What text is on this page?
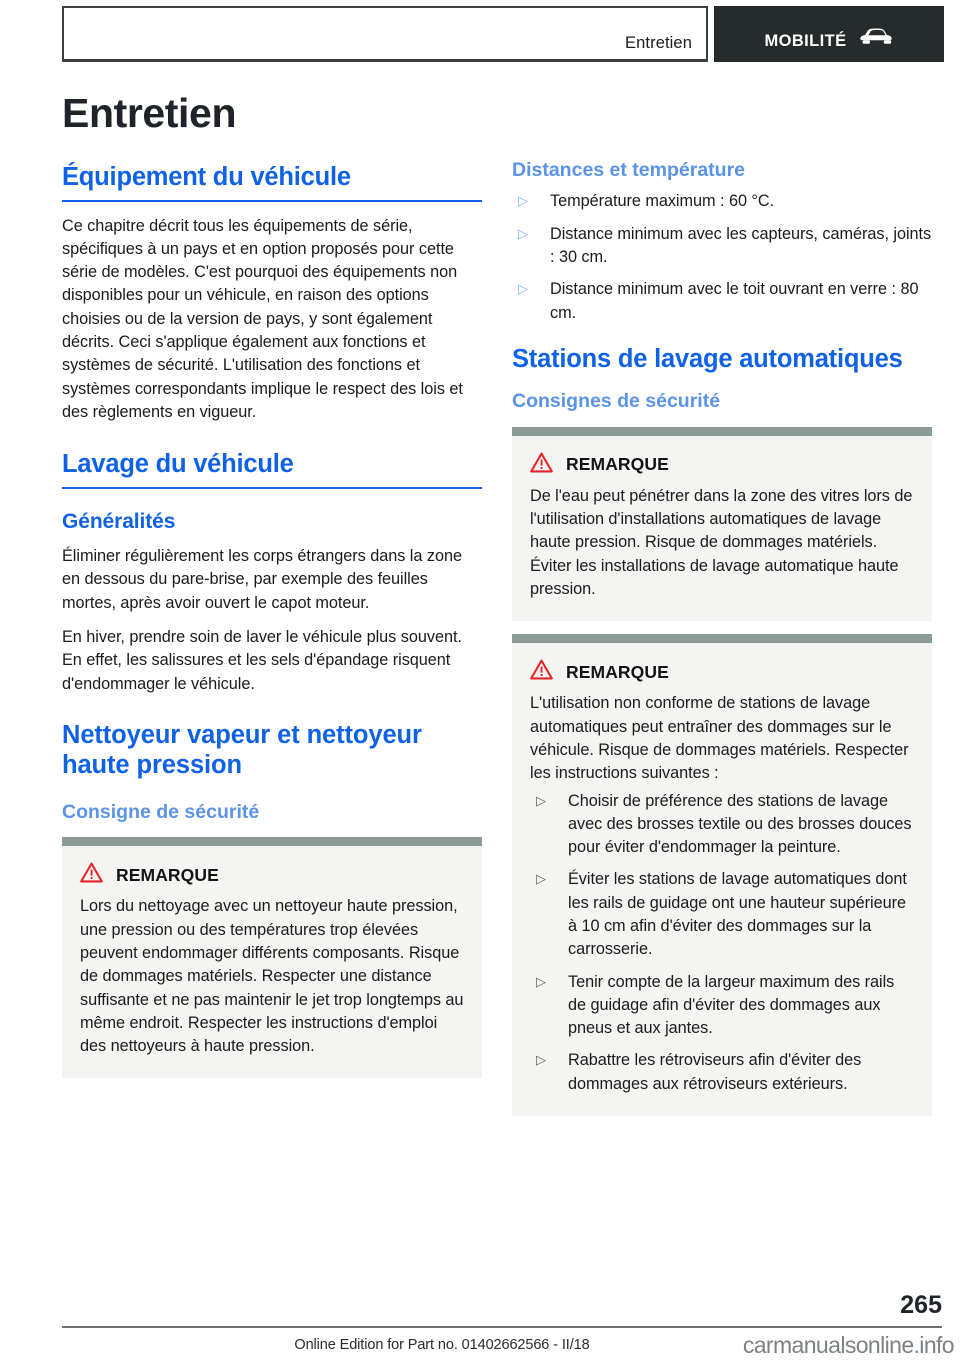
Entretien	MOBILITÉ
Entretien
Équipement du véhicule

Ce chapitre décrit tous les équipements de série, spécifiques à un pays et en option proposés pour cette série de modèles. C'est pourquoi des équipements non disponibles pour un véhicule, en raison des options choisies ou de la version de pays, y sont également décrits. Ceci s'applique également aux fonctions et systèmes de sécurité. L'utilisation des fonctions et systèmes correspondants implique le respect des lois et des règlements en vigueur.

Lavage du véhicule
Généralités

Éliminer régulièrement les corps étrangers dans la zone en dessous du pare-brise, par exemple des feuilles mortes, après avoir ouvert le capot moteur.

En hiver, prendre soin de laver le véhicule plus souvent. En effet, les salissures et les sels d'épandage risquent d'endommager le véhicule.

Nettoyeur vapeur et nettoyeur haute pression
Consigne de sécurité
REMARQUE

Lors du nettoyage avec un nettoyeur haute pression, une pression ou des températures trop élevées peuvent endommager différents composants. Risque de dommages matériels. Respecter une distance suffisante et ne pas maintenir le jet trop longtemps au même endroit. Respecter les instructions d'emploi des nettoyeurs à haute pression.

Distances et température
▷ Température maximum : 60 °C.
▷ Distance minimum avec les capteurs, caméras, joints : 30 cm.
▷ Distance minimum avec le toit ouvrant en verre : 80 cm.
Stations de lavage automatiques
Consignes de sécurité
REMARQUE

De l'eau peut pénétrer dans la zone des vitres lors de l'utilisation d'installations automatiques de lavage haute pression. Risque de dommages matériels. Éviter les installations de lavage automatique haute pression.

REMARQUE

L'utilisation non conforme de stations de lavage automatiques peut entraîner des dommages sur le véhicule. Risque de dommages matériels. Respecter les instructions suivantes :

▷ Choisir de préférence des stations de lavage avec des brosses textile ou des brosses douces pour éviter d'endommager la peinture.
▷ Éviter les stations de lavage automatiques dont les rails de guidage ont une hauteur supérieure à 10 cm afin d'éviter des dommages sur la carrosserie.
▷ Tenir compte de la largeur maximum des rails de guidage afin d'éviter des dommages aux pneus et aux jantes.
▷ Rabattre les rétroviseurs afin d'éviter des dommages aux rétroviseurs extérieurs.
265
Online Edition for Part no. 01402662566 - II/18	carmanualsonline.info
